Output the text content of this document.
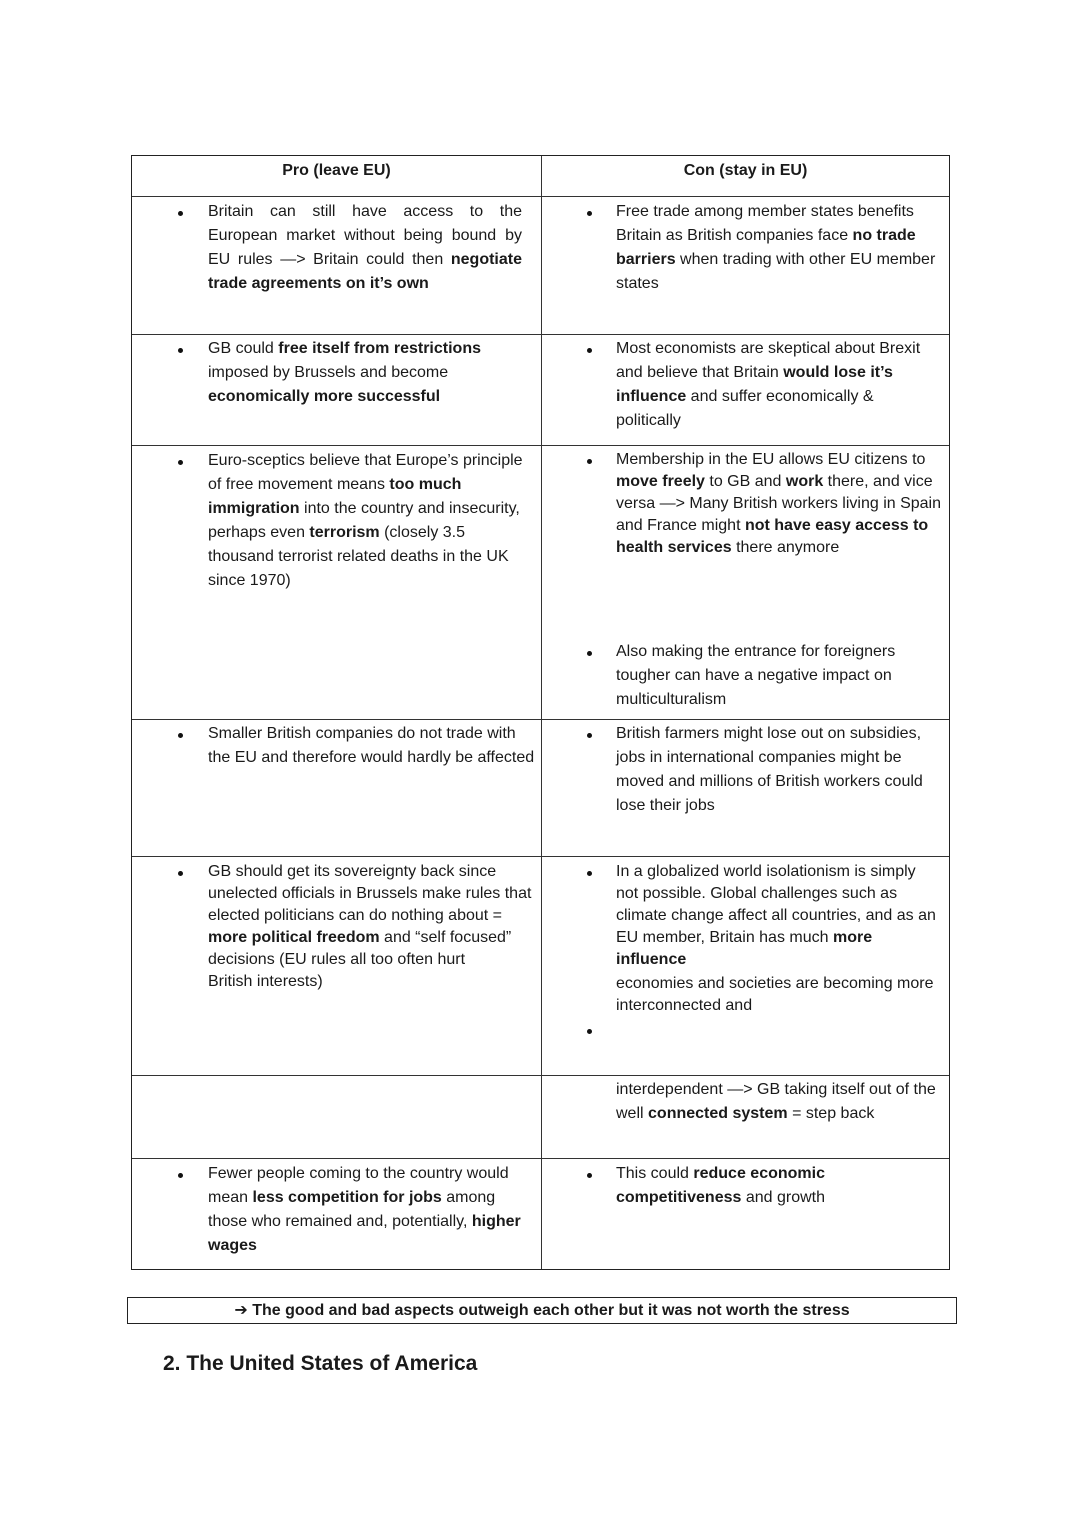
Pro (leave EU)	Con (stay in EU)
Britain can still have access to the European market without being bound by EU rules —> Britain could then negotiate trade agreements on it’s own
Free trade among member states benefits Britain as British companies face no trade barriers when trading with other EU member states
GB could free itself from restrictions imposed by Brussels and become economically more successful
Most economists are skeptical about Brexit and believe that Britain would lose it’s influence and suffer economically & politically
Euro-sceptics believe that Europe’s principle of free movement means too much immigration into the country and insecurity, perhaps even terrorism (closely 3.5 thousand terrorist related deaths in the UK since 1970)
Membership in the EU allows EU citizens to move freely to GB and work there, and vice versa —> Many British workers living in Spain and France might not have easy access to health services there anymore
Also making the entrance for foreigners tougher can have a negative impact on multiculturalism
Smaller British companies do not trade with the EU and therefore would hardly be affected
British farmers might lose out on subsidies, jobs in international companies might be moved and millions of British workers could lose their jobs
GB should get its sovereignty back since unelected officials in Brussels make rules that elected politicians can do nothing about = more political freedom and “self focused” decisions (EU rules all too often hurt
British interests)
In a globalized world isolationism is simply not possible. Global challenges such as climate change affect all countries, and as an EU member, Britain has much more influence
economies and societies are becoming more interconnected and
interdependent —> GB taking itself out of the well connected system = step back
Fewer people coming to the country would mean less competition for jobs among those who remained and, potentially, higher wages
This could reduce economic competitiveness and growth
➔ The good and bad aspects outweigh each other but it was not worth the stress
2. The United States of America
